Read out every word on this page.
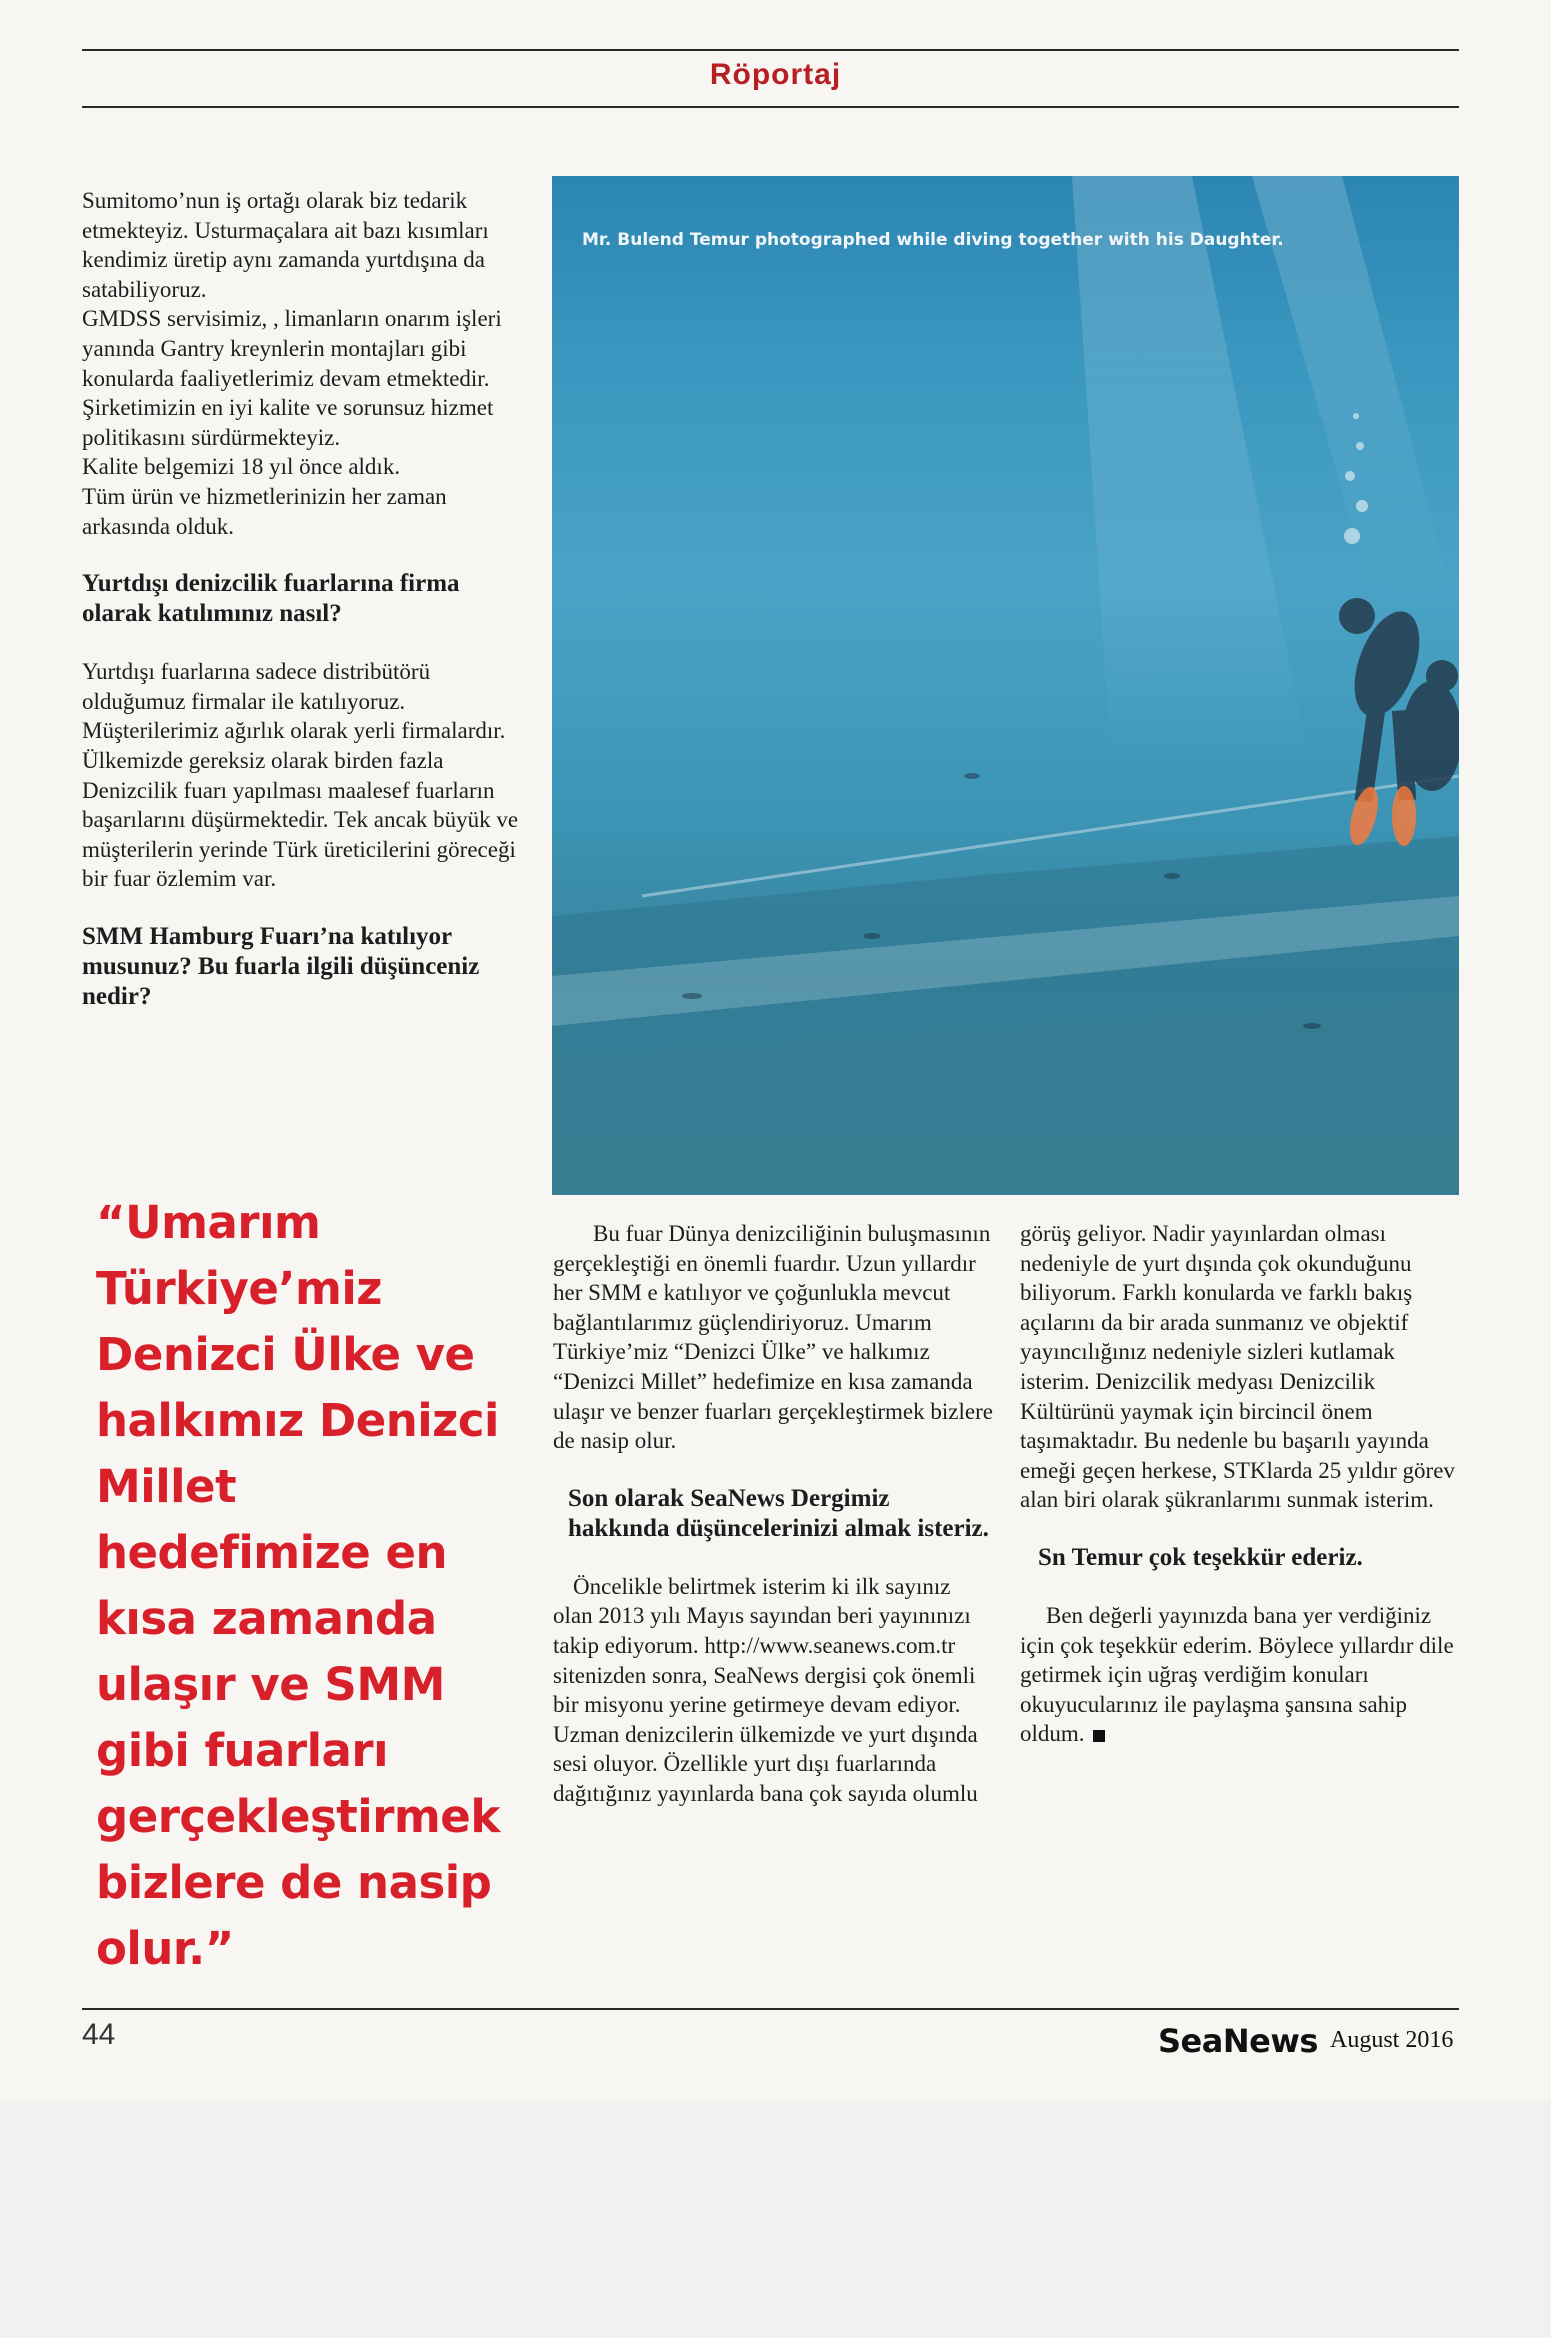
Röportaj

Sumitomo’nun iş ortağı olarak biz tedarik etmekteyiz. Usturmaçalara ait bazı kısımları kendimiz üretip aynı zamanda yurtdışına da satabiliyoruz.

GMDSS servisimiz, , limanların onarım işleri yanında Gantry kreynlerin montajları gibi konularda faaliyetlerimiz devam etmektedir.

Şirketimizin en iyi kalite ve sorunsuz hizmet politikasını sürdürmekteyiz.

Kalite belgemizi 18 yıl önce aldık.

Tüm ürün ve hizmetlerinizin her zaman arkasında olduk.

Yurtdışı denizcilik fuarlarına firma olarak katılımınız nasıl?

Yurtdışı fuarlarına sadece distribütörü olduğumuz firmalar ile katılıyoruz.

Müşterilerimiz ağırlık olarak yerli firmalardır.

Ülkemizde gereksiz olarak birden fazla Denizcilik fuarı yapılması maalesef fuarların başarılarını düşürmektedir. Tek ancak büyük ve müşterilerin yerinde Türk üreticilerini göreceği bir fuar özlemim var.

SMM Hamburg Fuarı’na katılıyor musunuz? Bu fuarla ilgili düşünceniz nedir?

“Umarım Türkiye’miz Denizci Ülke ve halkımız Denizci Millet hedefimize en kısa zamanda ulaşır ve SMM gibi fuarları gerçekleştirmek bizlere de nasip olur.”
Mr. Bulend Temur photographed while diving together with his Daughter.

Bu fuar Dünya denizciliğinin buluşmasının gerçekleştiği en önemli fuardır. Uzun yıllardır her SMM e katılıyor ve çoğunlukla mevcut bağlantılarımız güçlendiriyoruz. Umarım Türkiye’miz “Denizci Ülke” ve halkımız “Denizci Millet” hedefimize en kısa zamanda ulaşır ve benzer fuarları gerçekleştirmek bizlere de nasip olur.

Son olarak SeaNews Dergimiz hakkında düşüncelerinizi almak isteriz.

Öncelikle belirtmek isterim ki ilk sayınız olan 2013 yılı Mayıs sayından beri yayınınızı takip ediyorum. http://www.seanews.com.tr sitenizden sonra, SeaNews dergisi çok önemli bir misyonu yerine getirmeye devam ediyor. Uzman denizcilerin ülkemizde ve yurt dışında sesi oluyor. Özellikle yurt dışı fuarlarında dağıtığınız yayınlarda bana çok sayıda olumlu

görüş geliyor. Nadir yayınlardan olması nedeniyle de yurt dışında çok okunduğunu biliyorum. Farklı konularda ve farklı bakış açılarını da bir arada sunmanız ve objektif yayıncılığınız nedeniyle sizleri kutlamak isterim. Denizcilik medyası Denizcilik Kültürünü yaymak için bircincil önem taşımaktadır. Bu nedenle bu başarılı yayında emeği geçen herkese, STKlarda 25 yıldır görev alan biri olarak şükranlarımı sunmak isterim.

Sn Temur çok teşekkür ederiz.

Ben değerli yayınızda bana yer verdiğiniz için çok teşekkür ederim. Böylece yıllardır dile getirmek için uğraş verdiğim konuları okuyucularınız ile paylaşma şansına sahip oldum.

44	SeaNews August 2016
